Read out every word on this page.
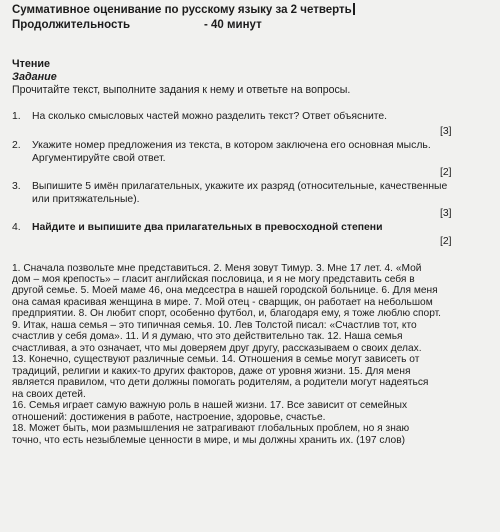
Суммативное оценивание по русскому языку за 2 четверть
Продолжительность	- 40 минут
Чтение
Задание
Прочитайте текст, выполните задания к нему и ответьте на вопросы.
1. На сколько смысловых частей можно разделить текст? Ответ объясните.
[3]
2. Укажите номер предложения из текста, в котором заключена его основная мысль.
Аргументируйте свой ответ.
[2]
3. Выпишите 5 имён прилагательных, укажите их разряд (относительные, качественные
или притяжательные).
[3]
4. Найдите и выпишите два прилагательных в превосходной степени
[2]
1. Сначала позвольте мне представиться. 2. Меня зовут Тимур. 3. Мне 17 лет. 4. «Мой
дом – моя крепость» – гласит английская пословица, и я не могу представить себя в
другой семье. 5. Моей маме 46, она медсестра в нашей городской больнице. 6. Для меня
она самая красивая женщина в мире. 7. Мой отец - сварщик, он работает на небольшом
предприятии. 8. Он любит спорт, особенно футбол, и, благодаря ему, я тоже люблю спорт.
9. Итак, наша семья – это типичная семья. 10. Лев Толстой писал: «Счастлив тот, кто
счастлив у себя дома». 11. И я думаю, что это действительно так. 12. Наша семья
счастливая, а это означает, что мы доверяем друг другу, рассказываем о своих делах.
13. Конечно, существуют различные семьи. 14. Отношения в семье могут зависеть от
традиций, религии и каких-то других факторов, даже от уровня жизни. 15. Для меня
является правилом, что дети должны помогать родителям, а родители могут надеяться
на своих детей.
16. Семья играет самую важную роль в нашей жизни. 17. Все зависит от семейных
отношений: достижения в работе, настроение, здоровье, счастье.
18. Может быть, мои размышления не затрагивают глобальных проблем, но я знаю
точно, что есть незыблемые ценности в мире, и мы должны хранить их. (197 слов)
